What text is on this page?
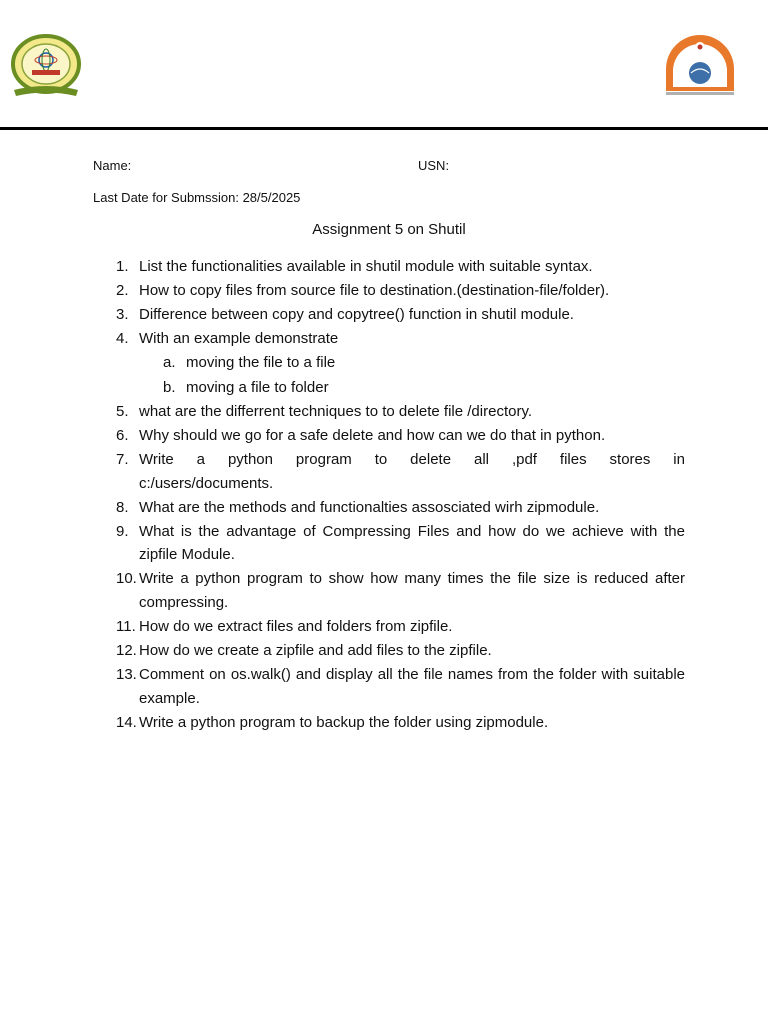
Name:	USN:
Last Date for Submssion: 28/5/2025
Assignment 5 on Shutil
1. List the functionalities available in shutil module with suitable syntax.
2. How to copy files from source file to destination.(destination-file/folder).
3. Difference between copy and copytree() function in shutil module.
4. With an example demonstrate
a. moving the file to a file
b. moving a file to folder
5. what are the differrent techniques to to delete file /directory.
6. Why should we go for a safe delete and how can we do that in python.
7. Write a python program to delete all ,pdf files stores in
c:/users/documents.
8. What are the methods and functionalties assosciated wirh zipmodule.
9. What is the advantage of Compressing Files and how do we achieve with the zipfile Module.
10. Write a python program to show how many times the file size is reduced after compressing.
11. How do we extract files and folders from zipfile.
12. How do we create a zipfile and add files to the zipfile.
13. Comment on os.walk() and display all the file names from the folder with suitable example.
14. Write a python program to backup the folder using zipmodule.
